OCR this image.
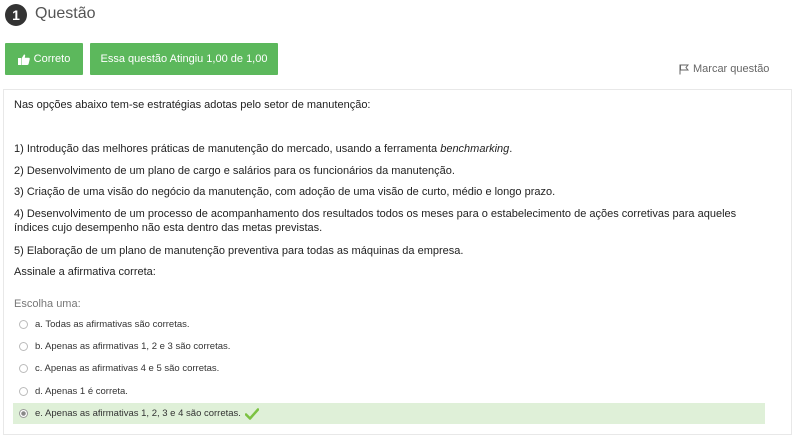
1 Questão
Correto	Essa questão Atingiu 1,00 de 1,00
Marcar questão
Nas opções abaixo tem-se estratégias adotas pelo setor de manutenção:
1) Introdução das melhores práticas de manutenção do mercado, usando a ferramenta benchmarking.
2) Desenvolvimento de um plano de cargo e salários para os funcionários da manutenção.
3) Criação de uma visão do negócio da manutenção, com adoção de uma visão de curto, médio e longo prazo.
4) Desenvolvimento de um processo de acompanhamento dos resultados todos os meses para o estabelecimento de ações corretivas para aqueles índices cujo desempenho não esta dentro das metas previstas.
5) Elaboração de um plano de manutenção preventiva para todas as máquinas da empresa.
Assinale a afirmativa correta:
Escolha uma:
a. Todas as afirmativas são corretas.
b. Apenas as afirmativas 1, 2 e 3 são corretas.
c. Apenas as afirmativas 4 e 5 são corretas.
d. Apenas 1 é correta.
e. Apenas as afirmativas 1, 2, 3 e 4 são corretas.
